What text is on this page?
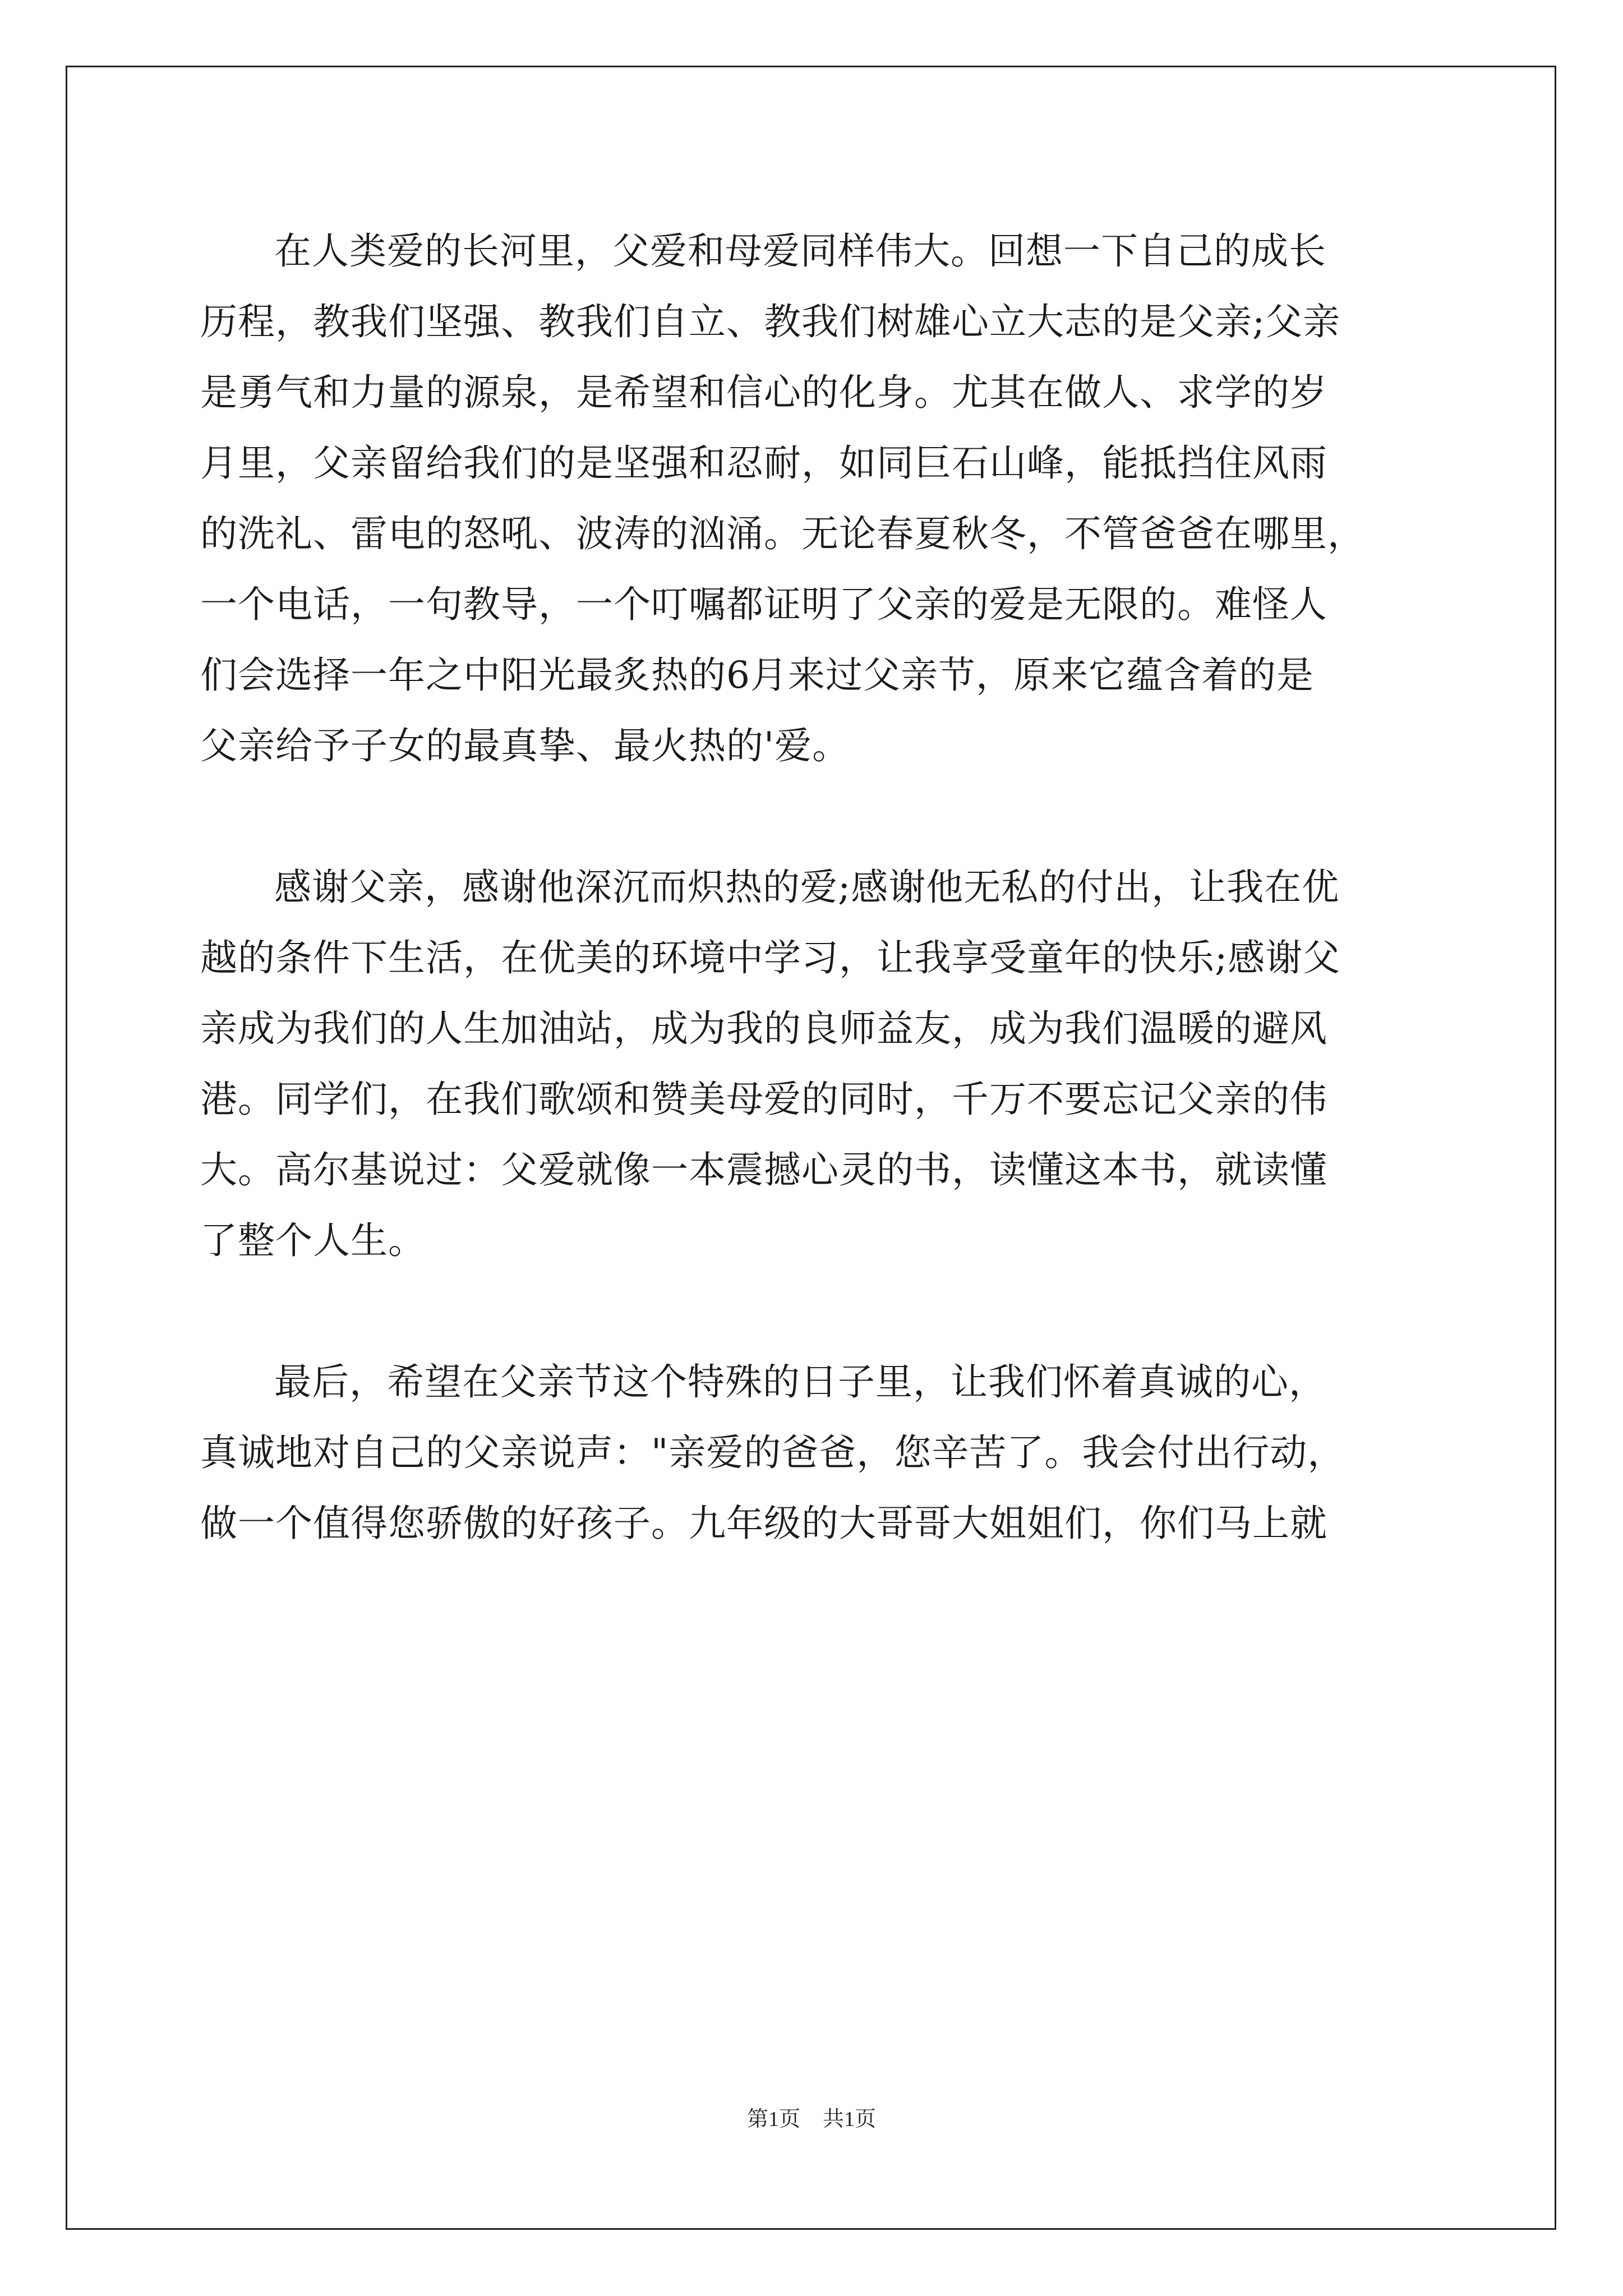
在人类爱的长河里，父爱和母爱同样伟大。回想一下自己的成长

历程，教我们坚强、教我们自立、教我们树雄心立大志的是父亲;父亲

是勇气和力量的源泉，是希望和信心的化身。尤其在做人、求学的岁

月里，父亲留给我们的是坚强和忍耐，如同巨石山峰，能抵挡住风雨

的洗礼、雷电的怒吼、波涛的汹涌。无论春夏秋冬，不管爸爸在哪里，

一个电话，一句教导，一个叮嘱都证明了父亲的爱是无限的。难怪人

们会选择一年之中阳光最炙热的6月来过父亲节，原来它蕴含着的是

父亲给予子女的最真挚、最火热的'爱。

感谢父亲，感谢他深沉而炽热的爱;感谢他无私的付出，让我在优

越的条件下生活，在优美的环境中学习，让我享受童年的快乐;感谢父

亲成为我们的人生加油站，成为我的良师益友，成为我们温暖的避风

港。同学们，在我们歌颂和赞美母爱的同时，千万不要忘记父亲的伟

大。高尔基说过：父爱就像一本震撼心灵的书，读懂这本书，就读懂

了整个人生。

最后，希望在父亲节这个特殊的日子里，让我们怀着真诚的心，

真诚地对自己的父亲说声："亲爱的爸爸，您辛苦了。我会付出行动，

做一个值得您骄傲的好孩子。九年级的大哥哥大姐姐们，你们马上就

第1页 共1页
